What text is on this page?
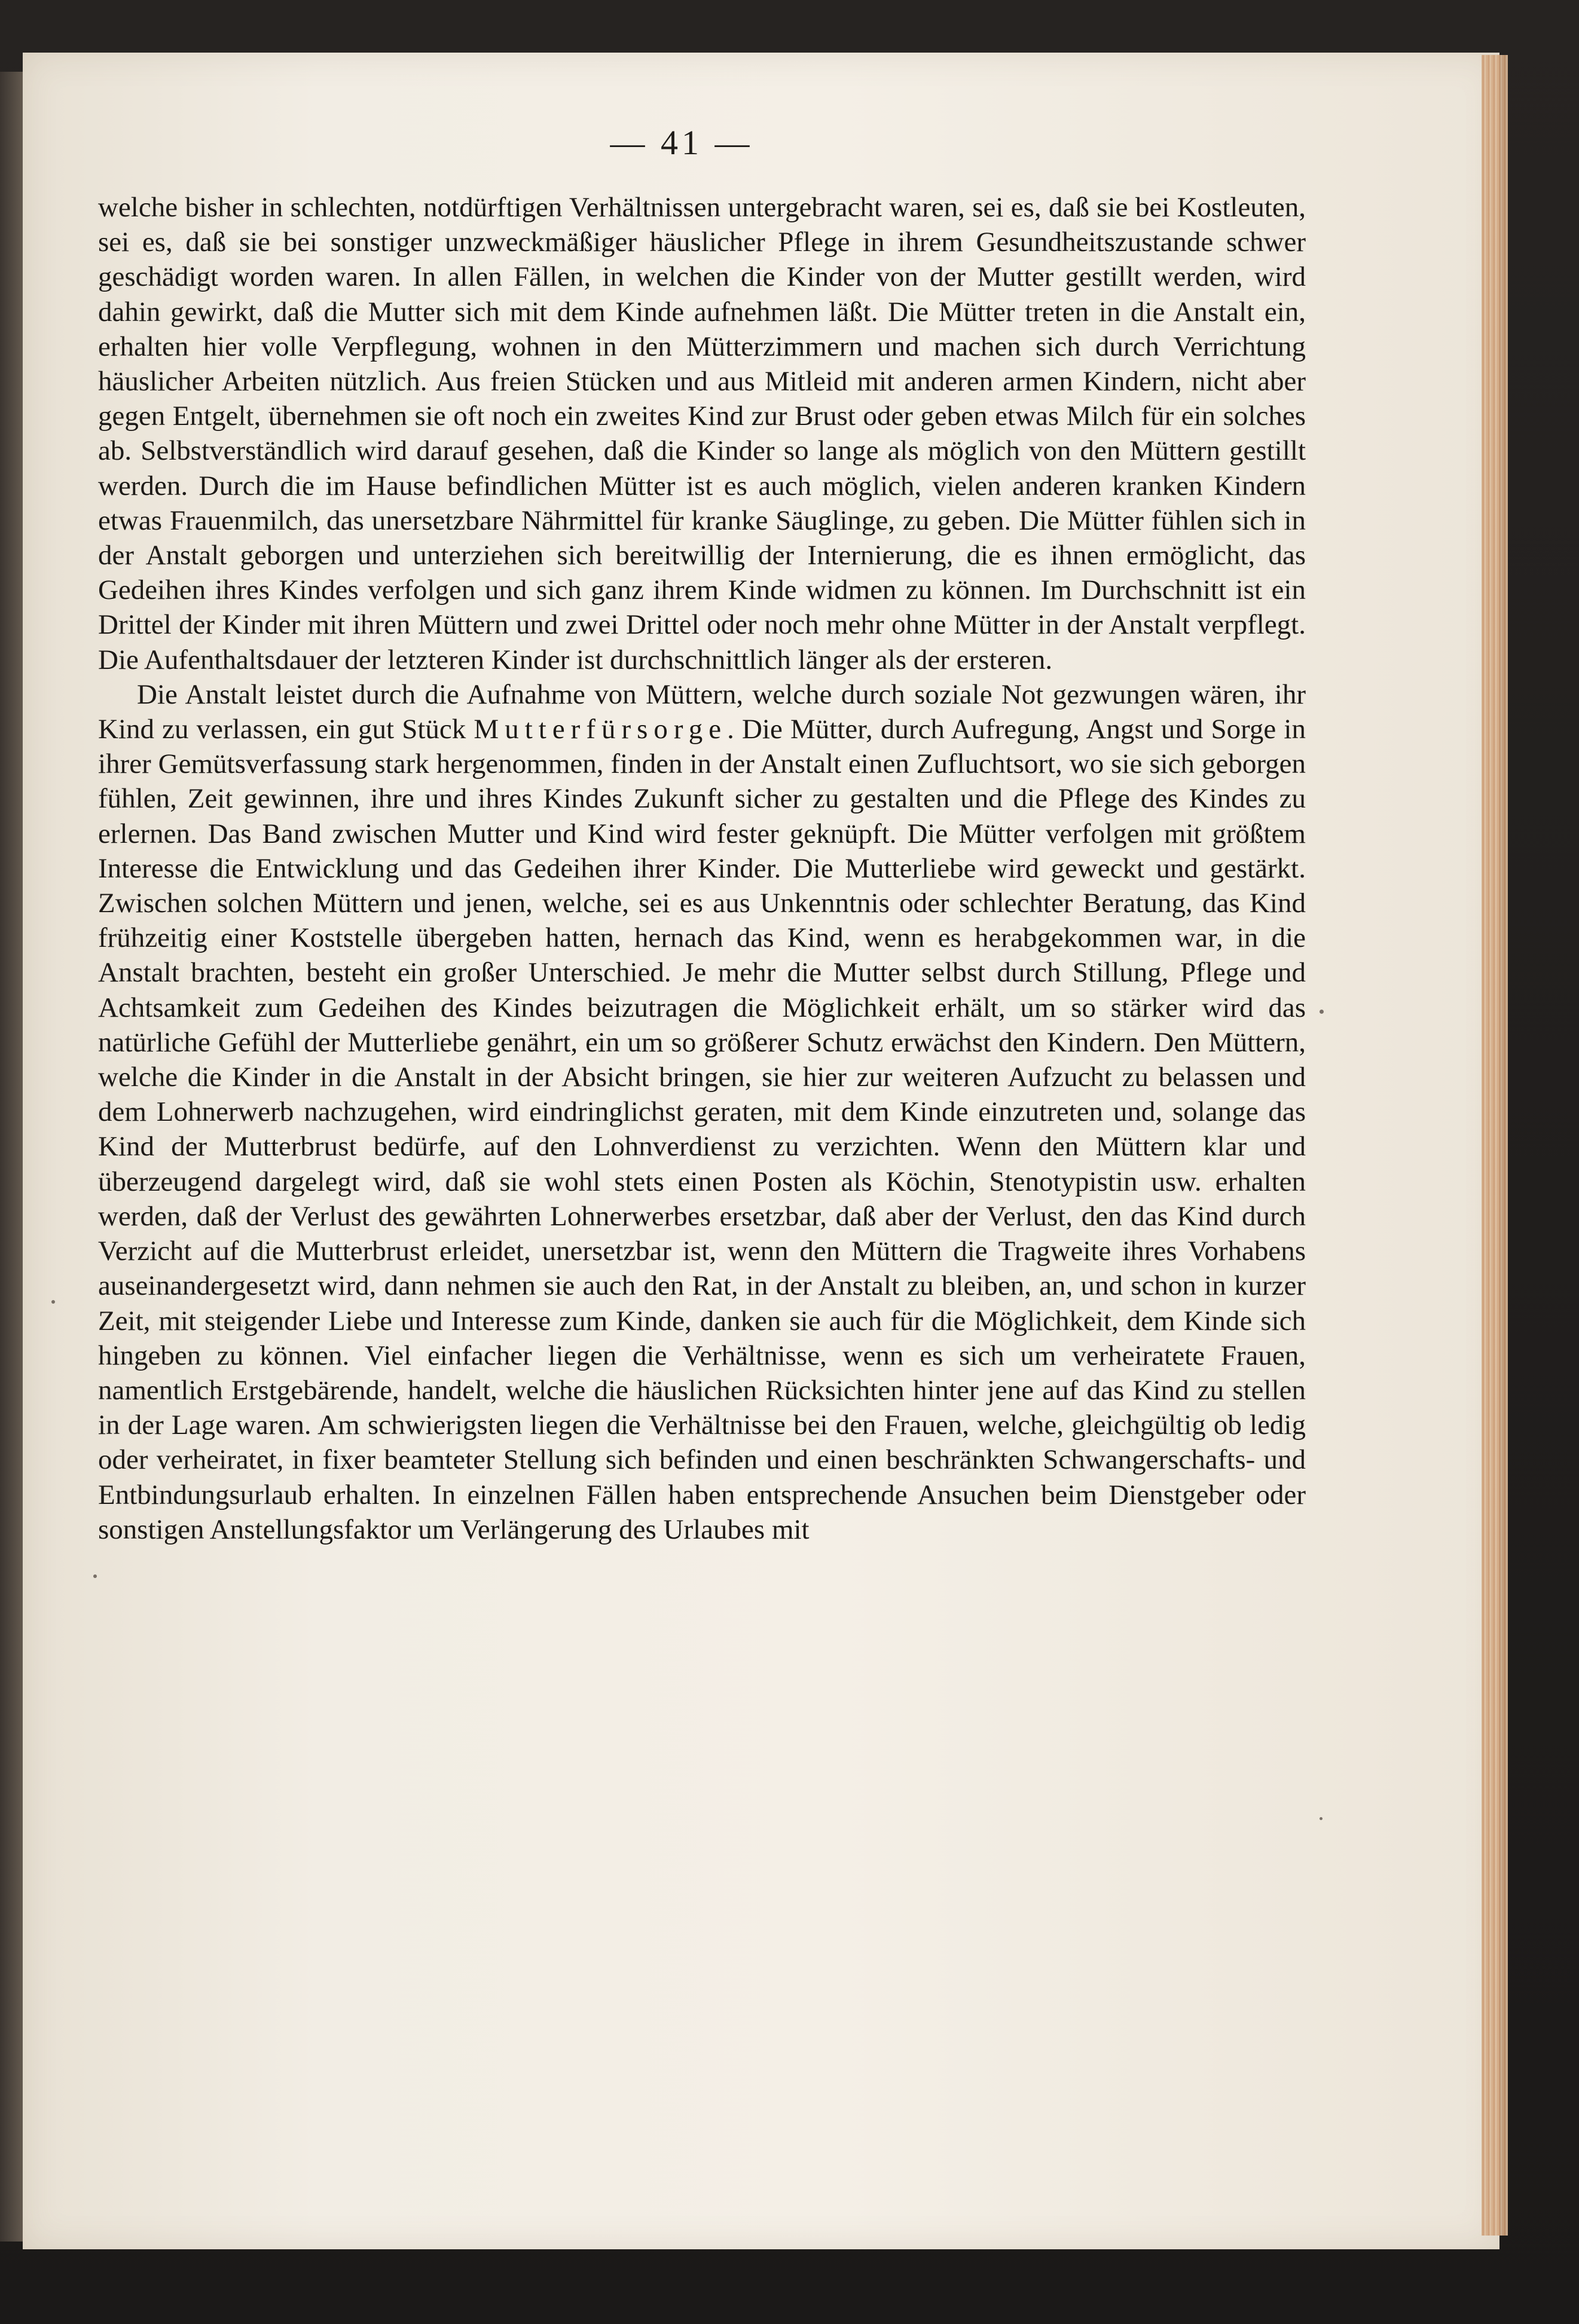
— 41 —

welche bisher in schlechten, notdürftigen Verhältnissen untergebracht waren, sei es, daß sie bei Kostleuten, sei es, daß sie bei sonstiger unzweckmäßiger häuslicher Pflege in ihrem Gesundheitszustande schwer geschädigt worden waren. In allen Fällen, in welchen die Kinder von der Mutter gestillt werden, wird dahin gewirkt, daß die Mutter sich mit dem Kinde aufnehmen läßt. Die Mütter treten in die Anstalt ein, erhalten hier volle Verpflegung, wohnen in den Mütterzimmern und machen sich durch Verrichtung häuslicher Arbeiten nützlich. Aus freien Stücken und aus Mitleid mit anderen armen Kindern, nicht aber gegen Entgelt, übernehmen sie oft noch ein zweites Kind zur Brust oder geben etwas Milch für ein solches ab. Selbstverständlich wird darauf gesehen, daß die Kinder so lange als möglich von den Müttern gestillt werden. Durch die im Hause befindlichen Mütter ist es auch möglich, vielen anderen kranken Kindern etwas Frauenmilch, das unersetzbare Nährmittel für kranke Säuglinge, zu geben. Die Mütter fühlen sich in der Anstalt geborgen und unterziehen sich bereitwillig der Internierung, die es ihnen ermöglicht, das Gedeihen ihres Kindes verfolgen und sich ganz ihrem Kinde widmen zu können. Im Durchschnitt ist ein Drittel der Kinder mit ihren Müttern und zwei Drittel oder noch mehr ohne Mütter in der Anstalt verpflegt. Die Aufenthaltsdauer der letzteren Kinder ist durchschnittlich länger als der ersteren.

Die Anstalt leistet durch die Aufnahme von Müttern, welche durch soziale Not gezwungen wären, ihr Kind zu verlassen, ein gut Stück Mutterfürsorge. Die Mütter, durch Aufregung, Angst und Sorge in ihrer Gemütsverfassung stark hergenommen, finden in der Anstalt einen Zufluchtsort, wo sie sich geborgen fühlen, Zeit gewinnen, ihre und ihres Kindes Zukunft sicher zu gestalten und die Pflege des Kindes zu erlernen. Das Band zwischen Mutter und Kind wird fester geknüpft. Die Mütter verfolgen mit größtem Interesse die Entwicklung und das Gedeihen ihrer Kinder. Die Mutterliebe wird geweckt und gestärkt. Zwischen solchen Müttern und jenen, welche, sei es aus Unkenntnis oder schlechter Beratung, das Kind frühzeitig einer Koststelle übergeben hatten, hernach das Kind, wenn es herabgekommen war, in die Anstalt brachten, besteht ein großer Unterschied. Je mehr die Mutter selbst durch Stillung, Pflege und Achtsamkeit zum Gedeihen des Kindes beizutragen die Möglichkeit erhält, um so stärker wird das natürliche Gefühl der Mutterliebe genährt, ein um so größerer Schutz erwächst den Kindern. Den Müttern, welche die Kinder in die Anstalt in der Absicht bringen, sie hier zur weiteren Aufzucht zu belassen und dem Lohnerwerb nachzugehen, wird eindringlichst geraten, mit dem Kinde einzutreten und, solange das Kind der Mutterbrust bedürfe, auf den Lohnverdienst zu verzichten. Wenn den Müttern klar und überzeugend dargelegt wird, daß sie wohl stets einen Posten als Köchin, Stenotypistin usw. erhalten werden, daß der Verlust des gewährten Lohnerwerbes ersetzbar, daß aber der Verlust, den das Kind durch Verzicht auf die Mutterbrust erleidet, unersetzbar ist, wenn den Müttern die Tragweite ihres Vorhabens auseinandergesetzt wird, dann nehmen sie auch den Rat, in der Anstalt zu bleiben, an, und schon in kurzer Zeit, mit steigender Liebe und Interesse zum Kinde, danken sie auch für die Möglichkeit, dem Kinde sich hingeben zu können. Viel einfacher liegen die Verhältnisse, wenn es sich um verheiratete Frauen, namentlich Erstgebärende, handelt, welche die häuslichen Rücksichten hinter jene auf das Kind zu stellen in der Lage waren. Am schwierigsten liegen die Verhältnisse bei den Frauen, welche, gleichgültig ob ledig oder verheiratet, in fixer beamteter Stellung sich befinden und einen beschränkten Schwangerschafts- und Entbindungsurlaub erhalten. In einzelnen Fällen haben entsprechende Ansuchen beim Dienstgeber oder sonstigen Anstellungsfaktor um Verlängerung des Urlaubes mit
